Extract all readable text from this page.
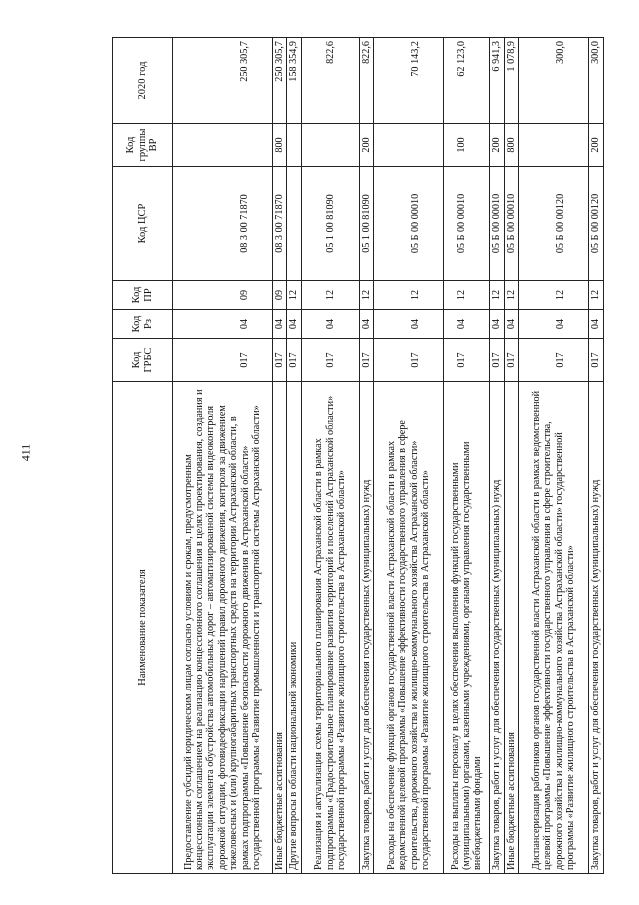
411
Наименование показателя	Код ГРБС	Код Рз	Код ПР	Код ЦСР	Код группы ВР	2020 год
Предоставление субсидий юридическим лицам согласно условиям и срокам, предусмотренным концессионным соглашением на реализацию концессионного соглашения в целях проектирования, создания и эксплуатации элемента обустройства автомобильных дорог – автоматизированной системы видеоконтроля дорожной ситуации, фотовидеофиксации нарушений правил дорожного движения, контроля за движением тяжеловесных и (или) крупногабаритных транспортных средств на территории Астраханской области, в рамках подпрограммы «Повышение безопасности дорожного движения в Астраханской области» государственной программы «Развитие промышленности и транспортной системы Астраханской области»	017	04	09	08 3 00 71870		250 305,7
Иные бюджетные ассигнования	017	04	09	08 3 00 71870	800	250 305,7
Другие вопросы в области национальной экономики	017	04	12			158 354,9
Реализация и актуализация схемы территориального планирования Астраханской области в рамках подпрограммы «Градостроительное планирование развития территорий и поселений Астраханской области» государственной программы «Развитие жилищного строительства в Астраханской области»	017	04	12	05 1 00 81090		822,6
Закупка товаров, работ и услуг для обеспечения государственных (муниципальных) нужд	017	04	12	05 1 00 81090	200	822,6
Расходы на обеспечение функций органов государственной власти Астраханской области в рамках ведомственной целевой программы «Повышение эффективности государственного управления в сфере строительства, дорожного хозяйства и жилищно-коммунального хозяйства Астраханской области» государственной программы «Развитие жилищного строительства в Астраханской области»	017	04	12	05 Б 00 00010		70 143,2
Расходы на выплаты персоналу в целях обеспечения выполнения функций государственными (муниципальными) органами, казенными учреждениями, органами управления государственными внебюджетными фондами	017	04	12	05 Б 00 00010	100	62 123,0
Закупка товаров, работ и услуг для обеспечения государственных (муниципальных) нужд	017	04	12	05 Б 00 00010	200	6 941,3
Иные бюджетные ассигнования	017	04	12	05 Б 00 00010	800	1 078,9
Диспансеризация работников органов государственной власти Астраханской области в рамках ведомственной целевой программы «Повышение эффективности государственного управления в сфере строительства, дорожного хозяйства и жилищно-коммунального хозяйства Астраханской области» государственной программы «Развитие жилищного строительства в Астраханской области»	017	04	12	05 Б 00 00120		300,0
Закупка товаров, работ и услуг для обеспечения государственных (муниципальных) нужд	017	04	12	05 Б 00 00120	200	300,0
